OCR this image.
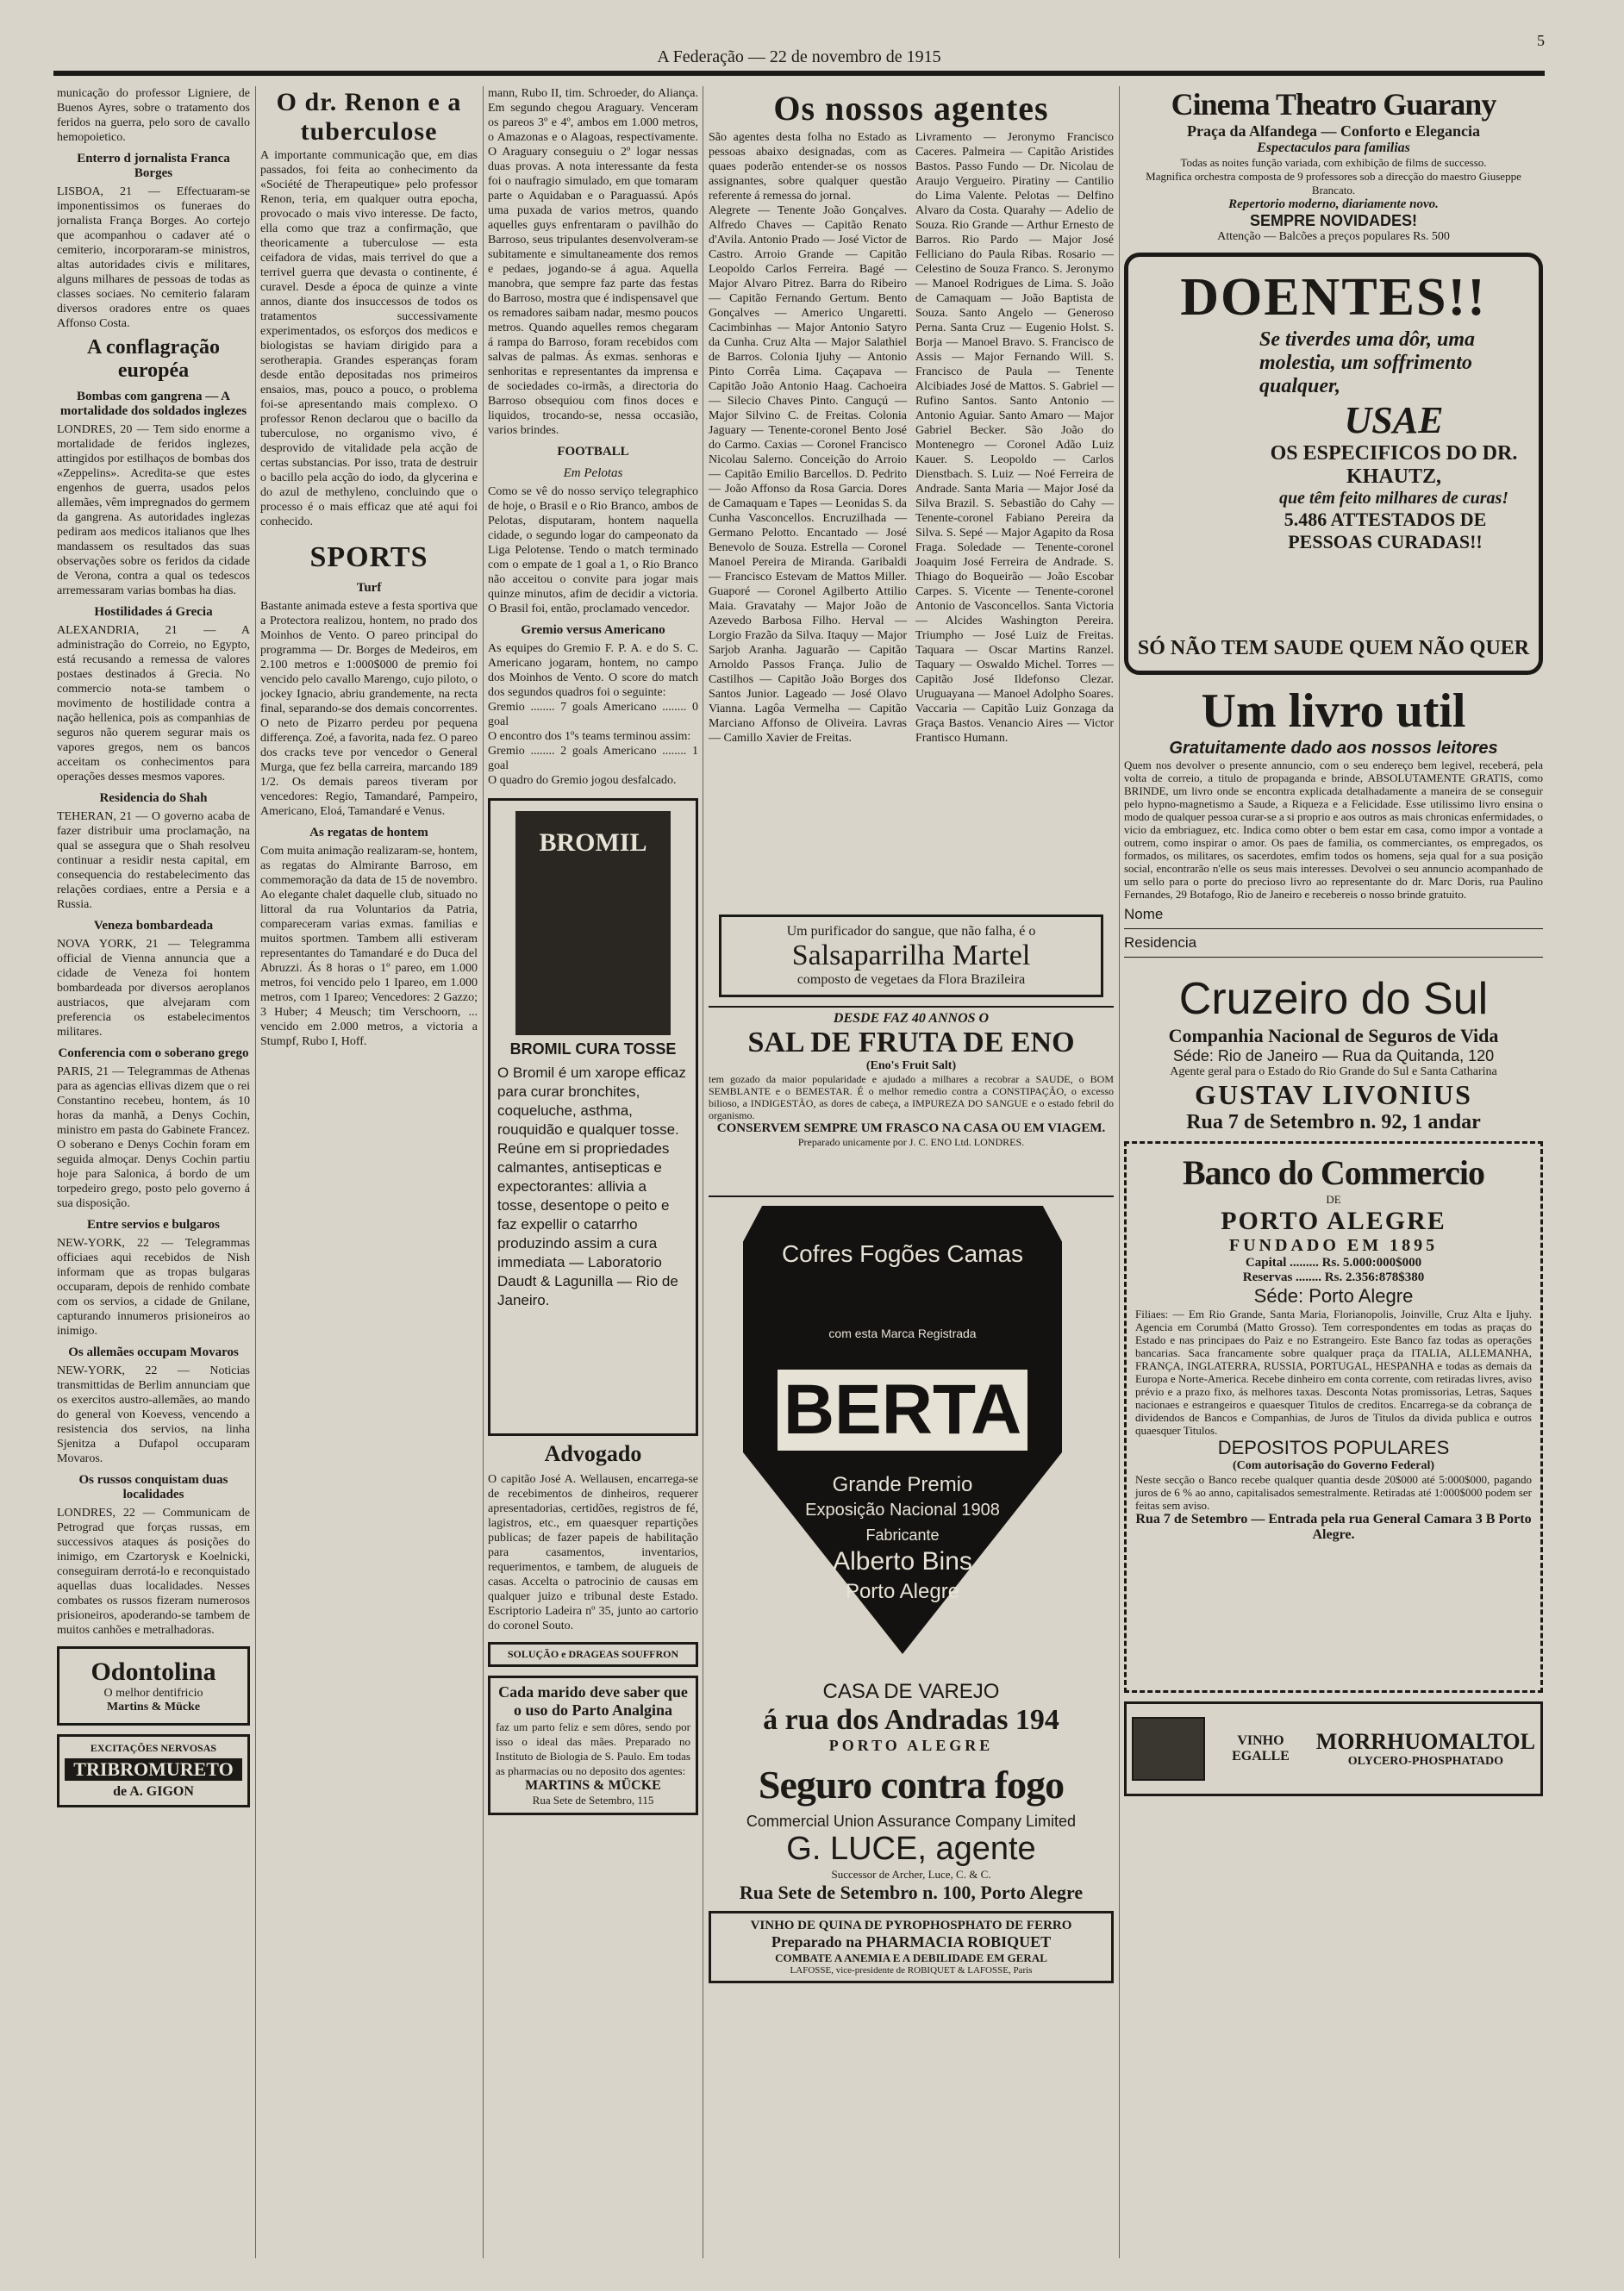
A Federação — 22 de novembro de 1915
5

municação do professor Ligniere, de Buenos Ayres, sobre o tratamento dos feridos na guerra, pelo soro de cavallo hemopoietico.

Enterro d jornalista Franca Borges

LISBOA, 21 — Effectuaram-se imponentissimos os funeraes do jornalista França Borges. Ao cortejo que acompanhou o cadaver até o cemiterio, incorporaram-se ministros, altas autoridades civis e militares, alguns milhares de pessoas de todas as classes sociaes. No cemiterio falaram diversos oradores entre os quaes Affonso Costa.

A conflagração européa

Bombas com gangrena — A mortalidade dos soldados inglezes

LONDRES, 20 — Tem sido enorme a mortalidade de feridos inglezes, attingidos por estilhaços de bombas dos «Zeppelins». Acredita-se que estes engenhos de guerra, usados pelos allemães, vêm impregnados do germem da gangrena. As autoridades inglezas pediram aos medicos italianos que lhes mandassem os resultados das suas observações sobre os feridos da cidade de Verona, contra a qual os tedescos arremessaram varias bombas ha dias.

Hostilidades á Grecia

ALEXANDRIA, 21 — A administração do Correio, no Egypto, está recusando a remessa de valores postaes destinados á Grecia. No commercio nota-se tambem o movimento de hostilidade contra a nação hellenica, pois as companhias de seguros não querem segurar mais os vapores gregos, nem os bancos acceitam os conhecimentos para operações desses mesmos vapores.

Residencia do Shah

TEHERAN, 21 — O governo acaba de fazer distribuir uma proclamação, na qual se assegura que o Shah resolveu continuar a residir nesta capital, em consequencia do restabelecimento das relações cordiaes, entre a Persia e a Russia.

Veneza bombardeada

NOVA YORK, 21 — Telegramma official de Vienna annuncia que a cidade de Veneza foi hontem bombardeada por diversos aeroplanos austriacos, que alvejaram com preferencia os estabelecimentos militares.

Conferencia com o soberano grego

PARIS, 21 — Telegrammas de Athenas para as agencias ellivas dizem que o rei Constantino recebeu, hontem, ás 10 horas da manhã, a Denys Cochin, ministro em pasta do Gabinete Francez. O soberano e Denys Cochin foram em seguida almoçar. Denys Cochin partiu hoje para Salonica, á bordo de um torpedeiro grego, posto pelo governo á sua disposição.

Entre servios e bulgaros

NEW-YORK, 22 — Telegrammas officiaes aqui recebidos de Nish informam que as tropas bulgaras occuparam, depois de renhido combate com os servios, a cidade de Gnilane, capturando innumeros prisioneiros ao inimigo.

Os allemães occupam Movaros

NEW-YORK, 22 — Noticias transmittidas de Berlim annunciam que os exercitos austro-allemães, ao mando do general von Koevess, vencendo a resistencia dos servios, na linha Sjenitza a Dufapol occuparam Movaros.

Os russos conquistam duas localidades

LONDRES, 22 — Communicam de Petrograd que forças russas, em successivos ataques ás posições do inimigo, em Czartorysk e Koelnicki, conseguiram derrotá-lo e reconquistado aquellas duas localidades. Nesses combates os russos fizeram numerosos prisioneiros, apoderando-se tambem de muitos canhões e metralhadoras.

Odontolina
O melhor dentifricio
Martins & Mücke
EXCITAÇÕES NERVOSAS
TRIBROMURETO
de A. GIGON

O dr. Renon e a tuberculose

A importante communicação que, em dias passados, foi feita ao conhecimento da «Société de Therapeutique» pelo professor Renon, teria, em qualquer outra epocha, provocado o mais vivo interesse. De facto, ella como que traz a confirmação, que theoricamente a tuberculose — esta ceifadora de vidas, mais terrivel do que a terrivel guerra que devasta o continente, é curavel. Desde a época de quinze a vinte annos, diante dos insuccessos de todos os tratamentos successivamente experimentados, os esforços dos medicos e biologistas se haviam dirigido para a serotherapia. Grandes esperanças foram desde então depositadas nos primeiros ensaios, mas, pouco a pouco, o problema foi-se apresentando mais complexo. O professor Renon declarou que o bacillo da tuberculose, no organismo vivo, é desprovido de vitalidade pela acção de certas substancias. Por isso, trata de destruir o bacillo pela acção do iodo, da glycerina e do azul de methyleno, concluindo que o processo é o mais efficaz que até aqui foi conhecido.

SPORTS

Turf

Bastante animada esteve a festa sportiva que a Protectora realizou, hontem, no prado dos Moinhos de Vento. O pareo principal do programma — Dr. Borges de Medeiros, em 2.100 metros e 1:000$000 de premio foi vencido pelo cavallo Marengo, cujo piloto, o jockey Ignacio, abriu grandemente, na recta final, separando-se dos demais concorrentes. O neto de Pizarro perdeu por pequena differença. Zoé, a favorita, nada fez. O pareo dos cracks teve por vencedor o General Murga, que fez bella carreira, marcando 189 1/2. Os demais pareos tiveram por vencedores: Regio, Tamandaré, Pampeiro, Americano, Eloá, Tamandaré e Venus.

As regatas de hontem

Com muita animação realizaram-se, hontem, as regatas do Almirante Barroso, em commemoração da data de 15 de novembro. Ao elegante chalet daquelle club, situado no littoral da rua Voluntarios da Patria, compareceram varias exmas. familias e muitos sportmen. Tambem alli estiveram representantes do Tamandaré e do Duca del Abruzzi. Ás 8 horas o 1º pareo, em 1.000 metros, foi vencido pelo 1 Ipareo, em 1.000 metros, com 1 Ipareo; Vencedores: 2 Gazzo; 3 Huber; 4 Meusch; tim Verschoorn, ... vencido em 2.000 metros, a victoria a Stumpf, Rubo I, Hoff.

mann, Rubo II, tim. Schroeder, do Aliança. Em segundo chegou Araguary. Venceram os pareos 3º e 4º, ambos em 1.000 metros, o Amazonas e o Alagoas, respectivamente. O Araguary conseguiu o 2º logar nessas duas provas. A nota interessante da festa foi o naufragio simulado, em que tomaram parte o Aquidaban e o Paraguassú. Após uma puxada de varios metros, quando aquelles guys enfrentaram o pavilhão do Barroso, seus tripulantes desenvolveram-se subitamente e simultaneamente dos remos e pedaes, jogando-se á agua. Aquella manobra, que sempre faz parte das festas do Barroso, mostra que é indispensavel que os remadores saibam nadar, mesmo poucos metros. Quando aquelles remos chegaram á rampa do Barroso, foram recebidos com salvas de palmas. Ás exmas. senhoras e senhoritas e representantes da imprensa e de sociedades co-irmãs, a directoria do Barroso obsequiou com finos doces e liquidos, trocando-se, nessa occasião, varios brindes.

FOOTBALL

Em Pelotas

Como se vê do nosso serviço telegraphico de hoje, o Brasil e o Rio Branco, ambos de Pelotas, disputaram, hontem naquella cidade, o segundo logar do campeonato da Liga Pelotense. Tendo o match terminado com o empate de 1 goal a 1, o Rio Branco não acceitou o convite para jogar mais quinze minutos, afim de decidir a victoria. O Brasil foi, então, proclamado vencedor.

Gremio versus Americano

As equipes do Gremio F. P. A. e do S. C. Americano jogaram, hontem, no campo dos Moinhos de Vento. O score do match dos segundos quadros foi o seguinte:

Gremio ........ 7 goals Americano ........ 0 goal

O encontro dos 1ºs teams terminou assim:

Gremio ........ 2 goals Americano ........ 1 goal

O quadro do Gremio jogou desfalcado.

BROMIL
BROMIL CURA TOSSE

O Bromil é um xarope efficaz para curar bronchites, coqueluche, asthma, rouquidão e qualquer tosse. Reúne em si propriedades calmantes, antisepticas e expectorantes: allivia a tosse, desentope o peito e faz expellir o catarrho produzindo assim a cura immediata — Laboratorio Daudt & Lagunilla — Rio de Janeiro.

Advogado

O capitão José A. Wellausen, encarrega-se de recebimentos de dinheiros, requerer apresentadorias, certidões, registros de fé, lagistros, etc., em quaesquer repartições publicas; de fazer papeis de habilitação para casamentos, inventarios, requerimentos, e tambem, de alugueis de casas. Accelta o patrocinio de causas em qualquer juizo e tribunal deste Estado. Escriptorio Ladeira nº 35, junto ao cartorio do coronel Souto.

SOLUÇÃO e DRAGEAS SOUFFRON
Cada marido deve saber que o uso do Parto Analgina

faz um parto feliz e sem dôres, sendo por isso o ideal das mães. Preparado no Instituto de Biologia de S. Paulo. Em todas as pharmacias ou no deposito dos agentes:

MARTINS & MÜCKE
Rua Sete de Setembro, 115

Os nossos agentes

São agentes desta folha no Estado as pessoas abaixo designadas, com as quaes poderão entender-se os nossos assignantes, sobre qualquer questão referente á remessa do jornal.

Alegrete — Tenente João Gonçalves. Alfredo Chaves — Capitão Renato d'Avila. Antonio Prado — José Victor de Castro. Arroio Grande — Capitão Leopoldo Carlos Ferreira. Bagé — Major Alvaro Pitrez. Barra do Ribeiro — Capitão Fernando Gertum. Bento Gonçalves — Americo Ungaretti. Cacimbinhas — Major Antonio Satyro da Cunha. Cruz Alta — Major Salathiel de Barros. Colonia Ijuhy — Antonio Pinto Corrêa Lima. Caçapava — Capitão João Antonio Haag. Cachoeira — Silecio Chaves Pinto. Canguçú — Major Silvino C. de Freitas. Colonia Jaguary — Tenente-coronel Bento José do Carmo. Caxias — Coronel Francisco Nicolau Salerno. Conceição do Arroio — Capitão Emilio Barcellos. D. Pedrito — João Affonso da Rosa Garcia. Dores de Camaquam e Tapes — Leonidas S. da Cunha Vasconcellos. Encruzilhada — Germano Pelotto. Encantado — José Benevolo de Souza. Estrella — Coronel Manoel Pereira de Miranda. Garibaldi — Francisco Estevam de Mattos Miller. Guaporé — Coronel Agilberto Attilio Maia. Gravatahy — Major João de Azevedo Barbosa Filho. Herval — Lorgio Frazão da Silva. Itaquy — Major Sarjob Aranha. Jaguarão — Capitão Arnoldo Passos França. Julio de Castilhos — Capitão João Borges dos Santos Junior. Lageado — José Olavo Vianna. Lagôa Vermelha — Capitão Marciano Affonso de Oliveira. Lavras — Camillo Xavier de Freitas.

Livramento — Jeronymo Francisco Caceres. Palmeira — Capitão Aristides Bastos. Passo Fundo — Dr. Nicolau de Araujo Vergueiro. Piratiny — Cantilio do Lima Valente. Pelotas — Delfino Alvaro da Costa. Quarahy — Adelio de Souza. Rio Grande — Arthur Ernesto de Barros. Rio Pardo — Major José Felliciano do Paula Ribas. Rosario — Celestino de Souza Franco. S. Jeronymo — Manoel Rodrigues de Lima. S. João de Camaquam — João Baptista de Souza. Santo Angelo — Generoso Perna. Santa Cruz — Eugenio Holst. S. Borja — Manoel Bravo. S. Francisco de Assis — Major Fernando Will. S. Francisco de Paula — Tenente Alcibiades José de Mattos. S. Gabriel — Rufino Santos. Santo Antonio — Antonio Aguiar. Santo Amaro — Major Gabriel Becker. São João do Montenegro — Coronel Adão Luiz Kauer. S. Leopoldo — Carlos Dienstbach. S. Luiz — Noé Ferreira de Andrade. Santa Maria — Major José da Silva Brazil. S. Sebastião do Cahy — Tenente-coronel Fabiano Pereira da Silva. S. Sepé — Major Agapito da Rosa Fraga. Soledade — Tenente-coronel Joaquim José Ferreira de Andrade. S. Thiago do Boqueirão — João Escobar Carpes. S. Vicente — Tenente-coronel Antonio de Vasconcellos. Santa Victoria — Alcides Washington Pereira. Triumpho — José Luiz de Freitas. Taquara — Oscar Martins Ranzel. Taquary — Oswaldo Michel. Torres — Capitão José Ildefonso Clezar. Uruguayana — Manoel Adolpho Soares. Vaccaria — Capitão Luiz Gonzaga da Graça Bastos. Venancio Aires — Victor Frantisco Humann.

Um purificador do sangue, que não falha, é o
Salsaparrilha Martel
composto de vegetaes da Flora Brazileira
DESDE FAZ 40 ANNOS O
SAL DE FRUTA DE ENO
(Eno's Fruit Salt)

tem gozado da maior popularidade e ajudado a milhares a recobrar a SAUDE, o BOM SEMBLANTE e o BEMESTAR. É o melhor remedio contra a CONSTIPAÇÃO, o excesso bilioso, a INDIGESTÃO, as dores de cabeça, a IMPUREZA DO SANGUE e o estado febril do organismo.

CONSERVEM SEMPRE UM FRASCO NA CASA OU EM VIAGEM.
Preparado unicamente por J. C. ENO Ltd. LONDRES.
Cofres Fogões Camas
com esta Marca Registrada
BERTA
Grande Premio
Exposição Nacional 1908
Fabricante
Alberto Bins
Porto Alegre
CASA DE VAREJO
á rua dos Andradas 194
PORTO ALEGRE
Seguro contra fogo
Commercial Union Assurance Company Limited
G. LUCE, agente
Successor de Archer, Luce, C. & C.
Rua Sete de Setembro n. 100, Porto Alegre
VINHO DE QUINA DE PYROPHOSPHATO DE FERRO
Preparado na PHARMACIA ROBIQUET
COMBATE A ANEMIA E A DEBILIDADE EM GERAL
LAFOSSE, vice-presidente de ROBIQUET & LAFOSSE, Paris
Cinema Theatro Guarany
Praça da Alfandega — Conforto e Elegancia
Espectaculos para familias
Todas as noites função variada, com exhibição de films de successo.
Magnifica orchestra composta de 9 professores sob a direcção do maestro Giuseppe Brancato.
Repertorio moderno, diariamente novo.
SEMPRE NOVIDADES!
Attenção — Balcões a preços populares Rs. 500
DOENTES!!
Se tiverdes uma dôr, uma molestia, um soffrimento qualquer,
USAE
OS ESPECIFICOS DO DR. KHAUTZ,
que têm feito milhares de curas!
5.486 ATTESTADOS DE PESSOAS CURADAS!!
SÓ NÃO TEM SAUDE QUEM NÃO QUER
Um livro util
Gratuitamente dado aos nossos leitores

Quem nos devolver o presente annuncio, com o seu endereço bem legivel, receberá, pela volta de correio, a titulo de propaganda e brinde, ABSOLUTAMENTE GRATIS, como BRINDE, um livro onde se encontra explicada detalhadamente a maneira de se conseguir pelo hypno-magnetismo a Saude, a Riqueza e a Felicidade. Esse utilissimo livro ensina o modo de qualquer pessoa curar-se a si proprio e aos outros as mais chronicas enfermidades, o vicio da embriaguez, etc. Indica como obter o bem estar em casa, como impor a vontade a outrem, como inspirar o amor. Os paes de familia, os commerciantes, os empregados, os formados, os militares, os sacerdotes, emfim todos os homens, seja qual for a sua posição social, encontrarão n'elle os seus mais interesses. Devolvei o seu annuncio acompanhado de um sello para o porte do precioso livro ao representante do dr. Marc Doris, rua Paulino Fernandes, 29 Botafogo, Rio de Janeiro e recebereis o nosso brinde gratuito.

Nome
Residencia
Cruzeiro do Sul
Companhia Nacional de Seguros de Vida
Séde: Rio de Janeiro — Rua da Quitanda, 120
Agente geral para o Estado do Rio Grande do Sul e Santa Catharina
GUSTAV LIVONIUS
Rua 7 de Setembro n. 92, 1 andar
Banco do Commercio
DE
PORTO ALEGRE
FUNDADO EM 1895
Capital ......... Rs. 5.000:000$000
Reservas ........ Rs. 2.356:878$380
Séde: Porto Alegre

Filiaes: — Em Rio Grande, Santa Maria, Florianopolis, Joinville, Cruz Alta e Ijuhy. Agencia em Corumbá (Matto Grosso). Tem correspondentes em todas as praças do Estado e nas principaes do Paiz e no Estrangeiro. Este Banco faz todas as operações bancarias. Saca francamente sobre qualquer praça da ITALIA, ALLEMANHA, FRANÇA, INGLATERRA, RUSSIA, PORTUGAL, HESPANHA e todas as demais da Europa e Norte-America. Recebe dinheiro em conta corrente, com retiradas livres, aviso prévio e a prazo fixo, ás melhores taxas. Desconta Notas promissorias, Letras, Saques nacionaes e estrangeiros e quaesquer Titulos de creditos. Encarrega-se da cobrança de dividendos de Bancos e Companhias, de Juros de Titulos da divida publica e outros quaesquer Titulos.

DEPOSITOS POPULARES
(Com autorisação do Governo Federal)

Neste secção o Banco recebe qualquer quantia desde 20$000 até 5:000$000, pagando juros de 6 % ao anno, capitalisados semestralmente. Retiradas até 1:000$000 podem ser feitas sem aviso.

Rua 7 de Setembro — Entrada pela rua General Camara 3 B Porto Alegre.
VINHO EGALLE
MORRHUOMALTOL
OLYCERO-PHOSPHATADO
